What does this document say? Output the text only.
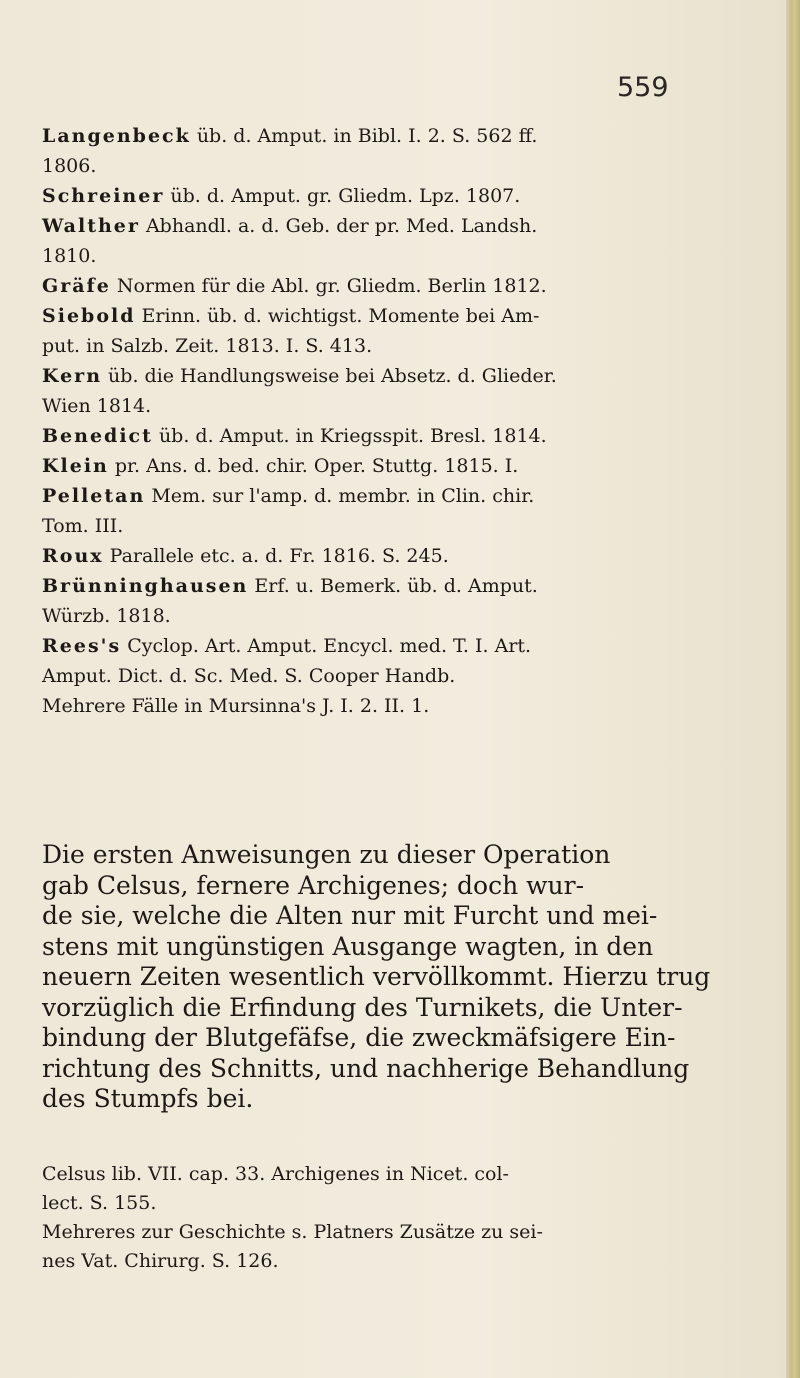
559
Langenbeck üb. d. Amput. in Bibl. I. 2. S. 562 ff.
1806.
Schreiner üb. d. Amput. gr. Gliedm. Lpz. 1807.
Walther Abhandl. a. d. Geb. der pr. Med. Landsh.
1810.
Gräfe Normen für die Abl. gr. Gliedm. Berlin 1812.
Siebold Erinn. üb. d. wichtigst. Momente bei Am-
put. in Salzb. Zeit. 1813. I. S. 413.
Kern üb. die Handlungsweise bei Absetz. d. Glieder.
Wien 1814.
Benedict üb. d. Amput. in Kriegsspit. Bresl. 1814.
Klein pr. Ans. d. bed. chir. Oper. Stuttg. 1815. I.
Pelletan Mem. sur l'amp. d. membr. in Clin. chir.
Tom. III.
Roux Parallele etc. a. d. Fr. 1816. S. 245.
Brünninghausen Erf. u. Bemerk. üb. d. Amput.
Würzb. 1818.
Rees's Cyclop. Art. Amput. Encycl. med. T. I. Art.
Amput. Dict. d. Sc. Med. S. Cooper Handb.
Mehrere Fälle in Mursinna's J. I. 2. II. 1.
Die ersten Anweisungen zu dieser Operation
gab Celsus, fernere Archigenes; doch wur-
de sie, welche die Alten nur mit Furcht und mei-
stens mit ungünstigen Ausgange wagten, in den
neuern Zeiten wesentlich vervöllkommt. Hierzu trug
vorzüglich die Erfindung des Turnikets, die Unter-
bindung der Blutgefäfse, die zweckmäfsigere Ein-
richtung des Schnitts, und nachherige Behandlung
des Stumpfs bei.
Celsus lib. VII. cap. 33. Archigenes in Nicet. col-
lect. S. 155.
Mehreres zur Geschichte s. Platners Zusätze zu sei-
nes Vat. Chirurg. S. 126.
